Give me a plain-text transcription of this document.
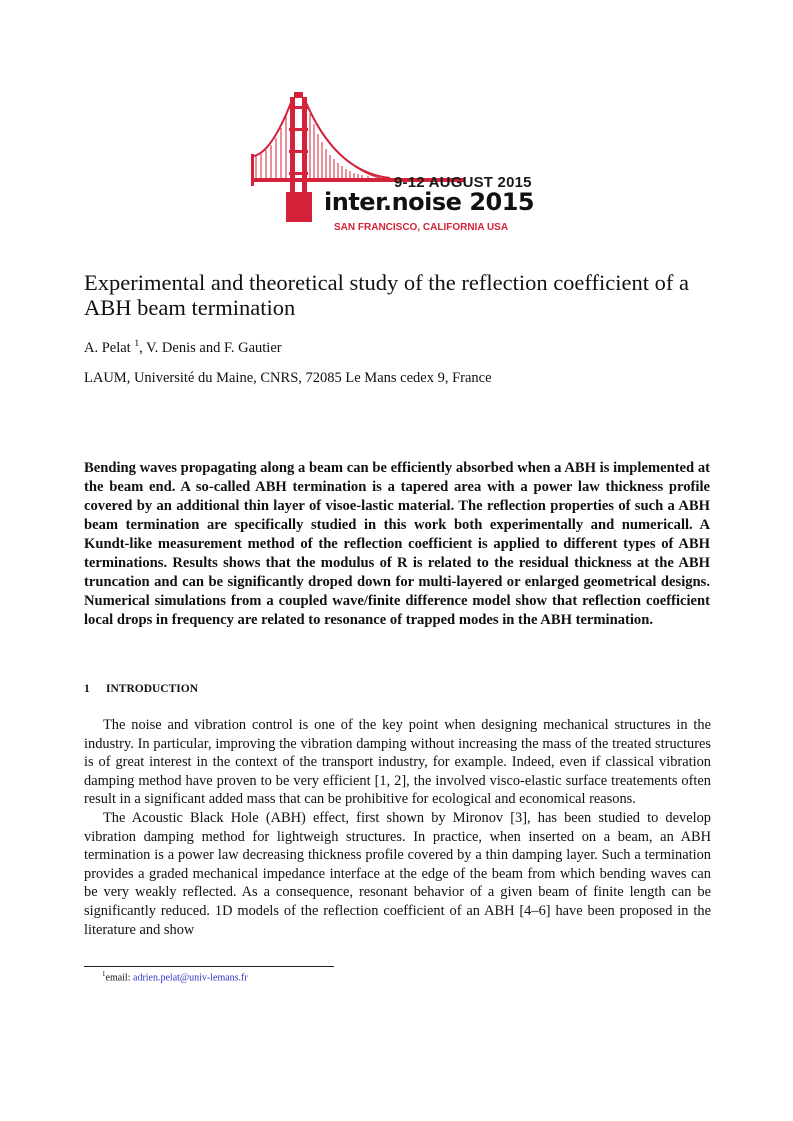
9-12 AUGUST 2015
inter.noise 2015
SAN FRANCISCO, CALIFORNIA USA
Experimental and theoretical study of the reflection coefficient of a ABH beam termination
A. Pelat $^1$, V. Denis and F. Gautier
LAUM, Université du Maine, CNRS, 72085 Le Mans cedex 9, France

Bending waves propagating along a beam can be efficiently absorbed when a ABH is implemented at the beam end. A so-called ABH termination is a tapered area with a power law thickness profile covered by an additional thin layer of visoe-lastic material. The reflection properties of such a ABH beam termination are specifically studied in this work both experimentally and numericall. A Kundt-like measurement method of the reflection coefficient is applied to different types of ABH terminations. Results shows that the modulus of R is related to the residual thickness at the ABH truncation and can be significantly droped down for multi-layered or enlarged geometrical designs. Numerical simulations from a coupled wave/finite difference model show that reflection coefficient local drops in frequency are related to resonance of trapped modes in the ABH termination.

1 INTRODUCTION

The noise and vibration control is one of the key point when designing mechanical structures in the industry. In particular, improving the vibration damping without increasing the mass of the treated structures is of great interest in the context of the transport industry, for example. Indeed, even if classical vibration damping method have proven to be very efficient [1, 2], the involved visco-elastic surface treatements often result in a significant added mass that can be prohibitive for ecological and economical reasons.

The Acoustic Black Hole (ABH) effect, first shown by Mironov [3], has been studied to develop vibration damping method for lightweigh structures. In practice, when inserted on a beam, an ABH termination is a power law decreasing thickness profile covered by a thin damping layer. Such a termination provides a graded mechanical impedance interface at the edge of the beam from which bending waves can be very weakly reflected. As a consequence, resonant behavior of a given beam of finite length can be significantly reduced. 1D models of the reflection coefficient of an ABH [4–6] have been proposed in the literature and show

$^1$email: adrien.pelat@univ-lemans.fr
